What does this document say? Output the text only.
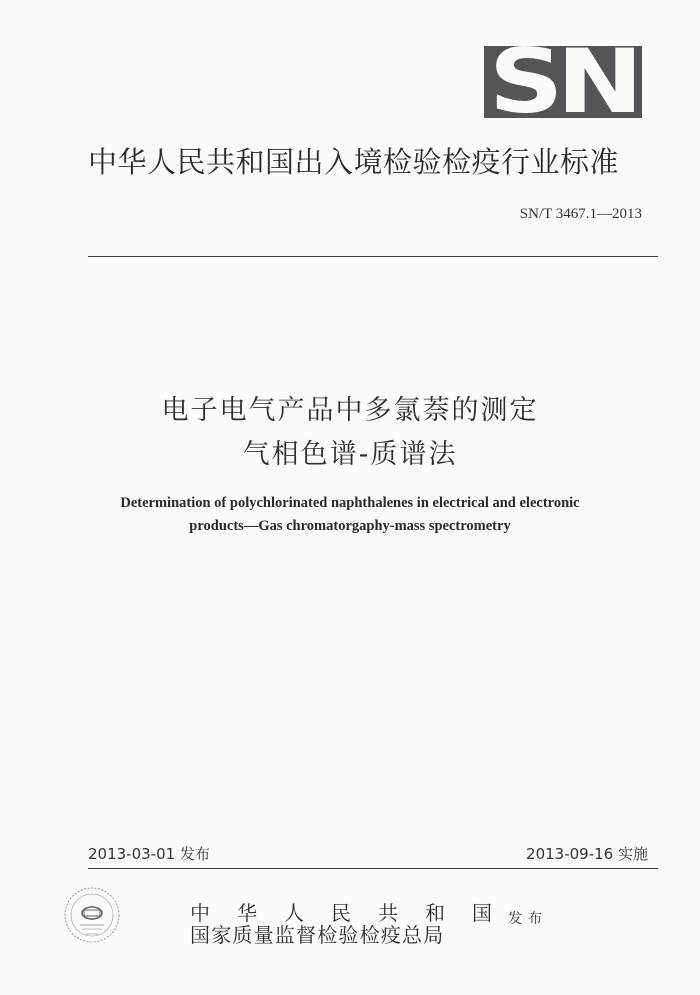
SN
中华人民共和国出入境检验检疫行业标准
SN/T 3467.1—2013
电子电气产品中多氯萘的测定
气相色谱-质谱法
Determination of polychlorinated naphthalenes in electrical and electronic
products—Gas chromatorgaphy-mass spectrometry
2013-03-01 发布	2013-09-16 实施
中华人民共和国
国家质量监督检验检疫总局
发布
